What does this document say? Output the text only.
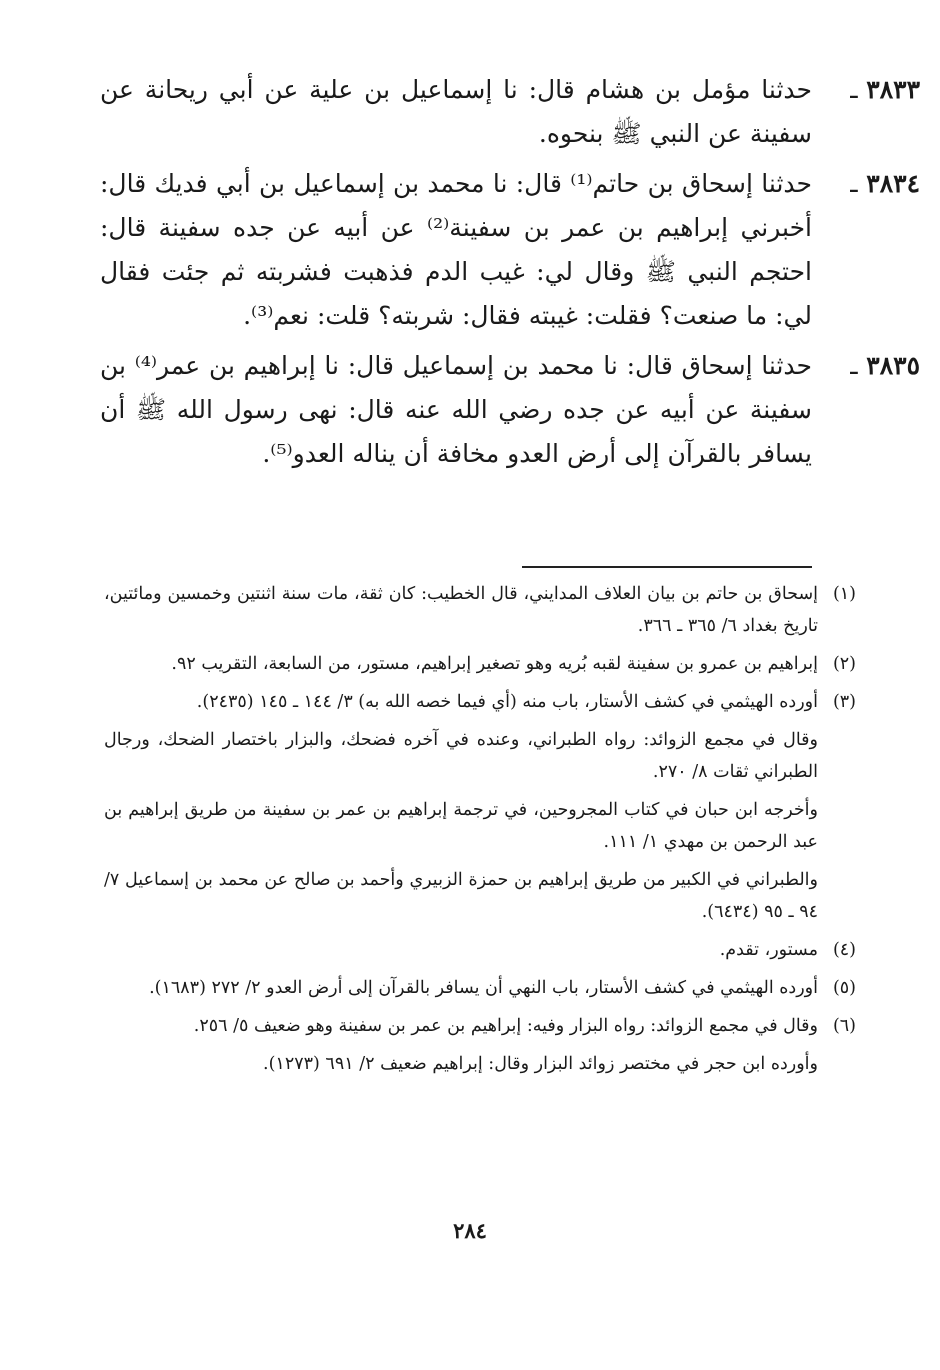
٣٨٣٣ ـ
حدثنا مؤمل بن هشام قال: نا إسماعيل بن علية عن أبي ريحانة عن سفينة عن النبي ﷺ بنحوه.
٣٨٣٤ ـ
حدثنا إسحاق بن حاتم⁽¹⁾ قال: نا محمد بن إسماعيل بن أبي فديك قال: أخبرني إبراهيم بن عمر بن سفينة⁽²⁾ عن أبيه عن جده سفينة قال: احتجم النبي ﷺ وقال لي: غيب الدم فذهبت فشربته ثم جئت فقال لي: ما صنعت؟ فقلت: غيبته فقال: شربته؟ قلت: نعم⁽³⁾.
٣٨٣٥ ـ
حدثنا إسحاق قال: نا محمد بن إسماعيل قال: نا إبراهيم بن عمر⁽⁴⁾ بن سفينة عن أبيه عن جده رضي الله عنه قال: نهى رسول الله ﷺ أن يسافر بالقرآن إلى أرض العدو مخافة أن يناله العدو⁽⁵⁾.
(١)
إسحاق بن حاتم بن بيان العلاف المدايني، قال الخطيب: كان ثقة، مات سنة اثنتين وخمسين ومائتين، تاريخ بغداد ٦/ ٣٦٥ ـ ٣٦٦.
(٢)
إبراهيم بن عمرو بن سفينة لقبه بُريه وهو تصغير إبراهيم، مستور، من السابعة، التقريب ٩٢.
(٣)
أورده الهيثمي في كشف الأستار، باب منه (أي فيما خصه الله به) ٣/ ١٤٤ ـ ١٤٥ (٢٤٣٥).
وقال في مجمع الزوائد: رواه الطبراني، وعنده في آخره فضحك، والبزار باختصار الضحك، ورجال الطبراني ثقات ٨/ ٢٧٠.
وأخرجه ابن حبان في كتاب المجروحين، في ترجمة إبراهيم بن عمر بن سفينة من طريق إبراهيم بن عبد الرحمن بن مهدي ١/ ١١١.
والطبراني في الكبير من طريق إبراهيم بن حمزة الزبيري وأحمد بن صالح عن محمد بن إسماعيل ٧/ ٩٤ ـ ٩٥ (٦٤٣٤).
(٤)
مستور، تقدم.
(٥)
أورده الهيثمي في كشف الأستار، باب النهي أن يسافر بالقرآن إلى أرض العدو ٢/ ٢٧٢ (١٦٨٣).
(٦)
وقال في مجمع الزوائد: رواه البزار وفيه: إبراهيم بن عمر بن سفينة وهو ضعيف ٥/ ٢٥٦.
وأورده ابن حجر في مختصر زوائد البزار وقال: إبراهيم ضعيف ٢/ ٦٩١ (١٢٧٣).
٢٨٤
